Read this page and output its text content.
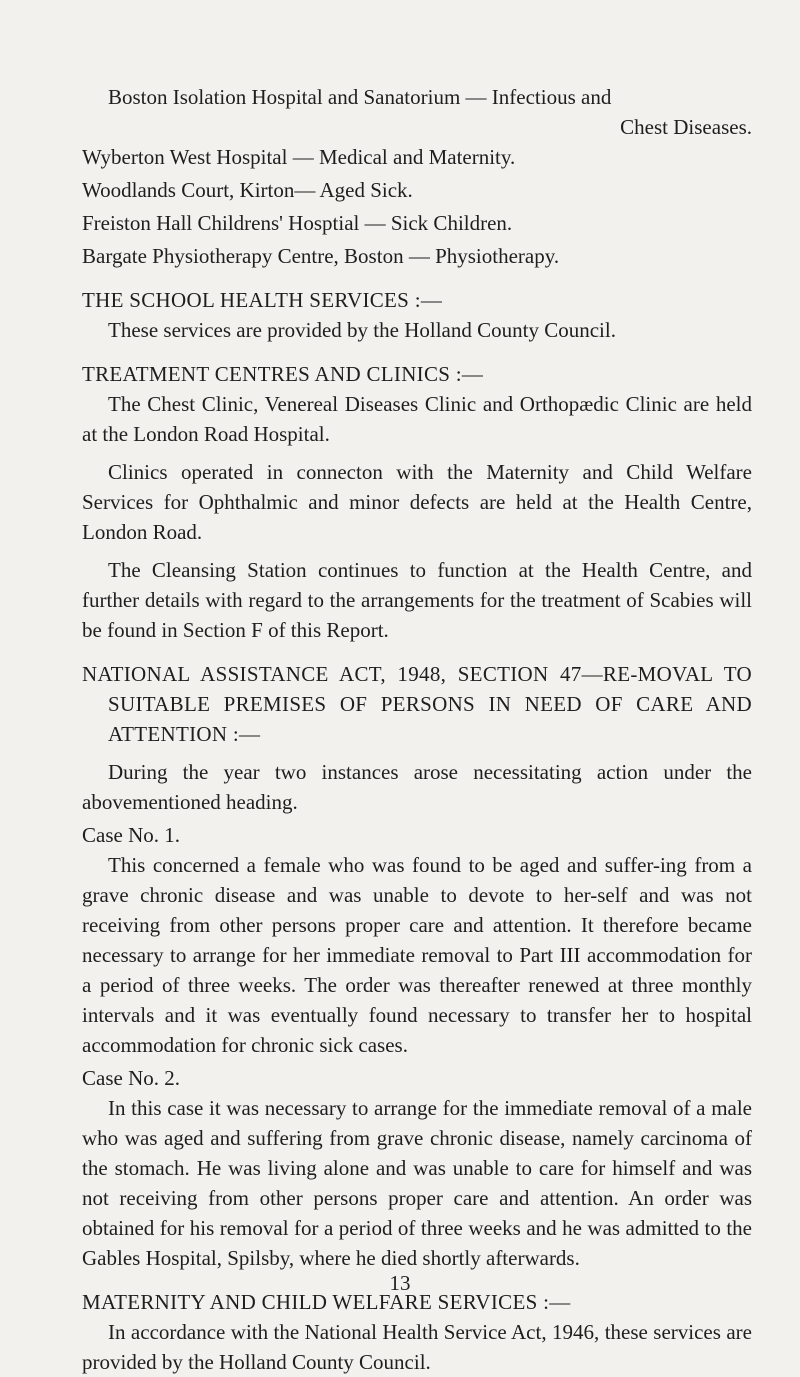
Boston Isolation Hospital and Sanatorium — Infectious and

Chest Diseases.

Wyberton West Hospital — Medical and Maternity.

Woodlands Court, Kirton— Aged Sick.

Freiston Hall Childrens' Hosptial — Sick Children.

Bargate Physiotherapy Centre, Boston — Physiotherapy.

THE SCHOOL HEALTH SERVICES :—

These services are provided by the Holland County Council.

TREATMENT CENTRES AND CLINICS :—

The Chest Clinic, Venereal Diseases Clinic and Orthopædic Clinic are held at the London Road Hospital.

Clinics operated in connecton with the Maternity and Child Welfare Services for Ophthalmic and minor defects are held at the Health Centre, London Road.

The Cleansing Station continues to function at the Health Centre, and further details with regard to the arrangements for the treatment of Scabies will be found in Section F of this Report.

NATIONAL ASSISTANCE ACT, 1948, SECTION 47—RE-MOVAL TO SUITABLE PREMISES OF PERSONS IN NEED OF CARE AND ATTENTION :—

During the year two instances arose necessitating action under the abovementioned heading.

Case No. 1.

This concerned a female who was found to be aged and suffer-ing from a grave chronic disease and was unable to devote to her-self and was not receiving from other persons proper care and attention. It therefore became necessary to arrange for her immediate removal to Part III accommodation for a period of three weeks. The order was thereafter renewed at three monthly intervals and it was eventually found necessary to transfer her to hospital accommodation for chronic sick cases.

Case No. 2.

In this case it was necessary to arrange for the immediate removal of a male who was aged and suffering from grave chronic disease, namely carcinoma of the stomach. He was living alone and was unable to care for himself and was not receiving from other persons proper care and attention. An order was obtained for his removal for a period of three weeks and he was admitted to the Gables Hospital, Spilsby, where he died shortly afterwards.

MATERNITY AND CHILD WELFARE SERVICES :—

In accordance with the National Health Service Act, 1946, these services are provided by the Holland County Council.

13
